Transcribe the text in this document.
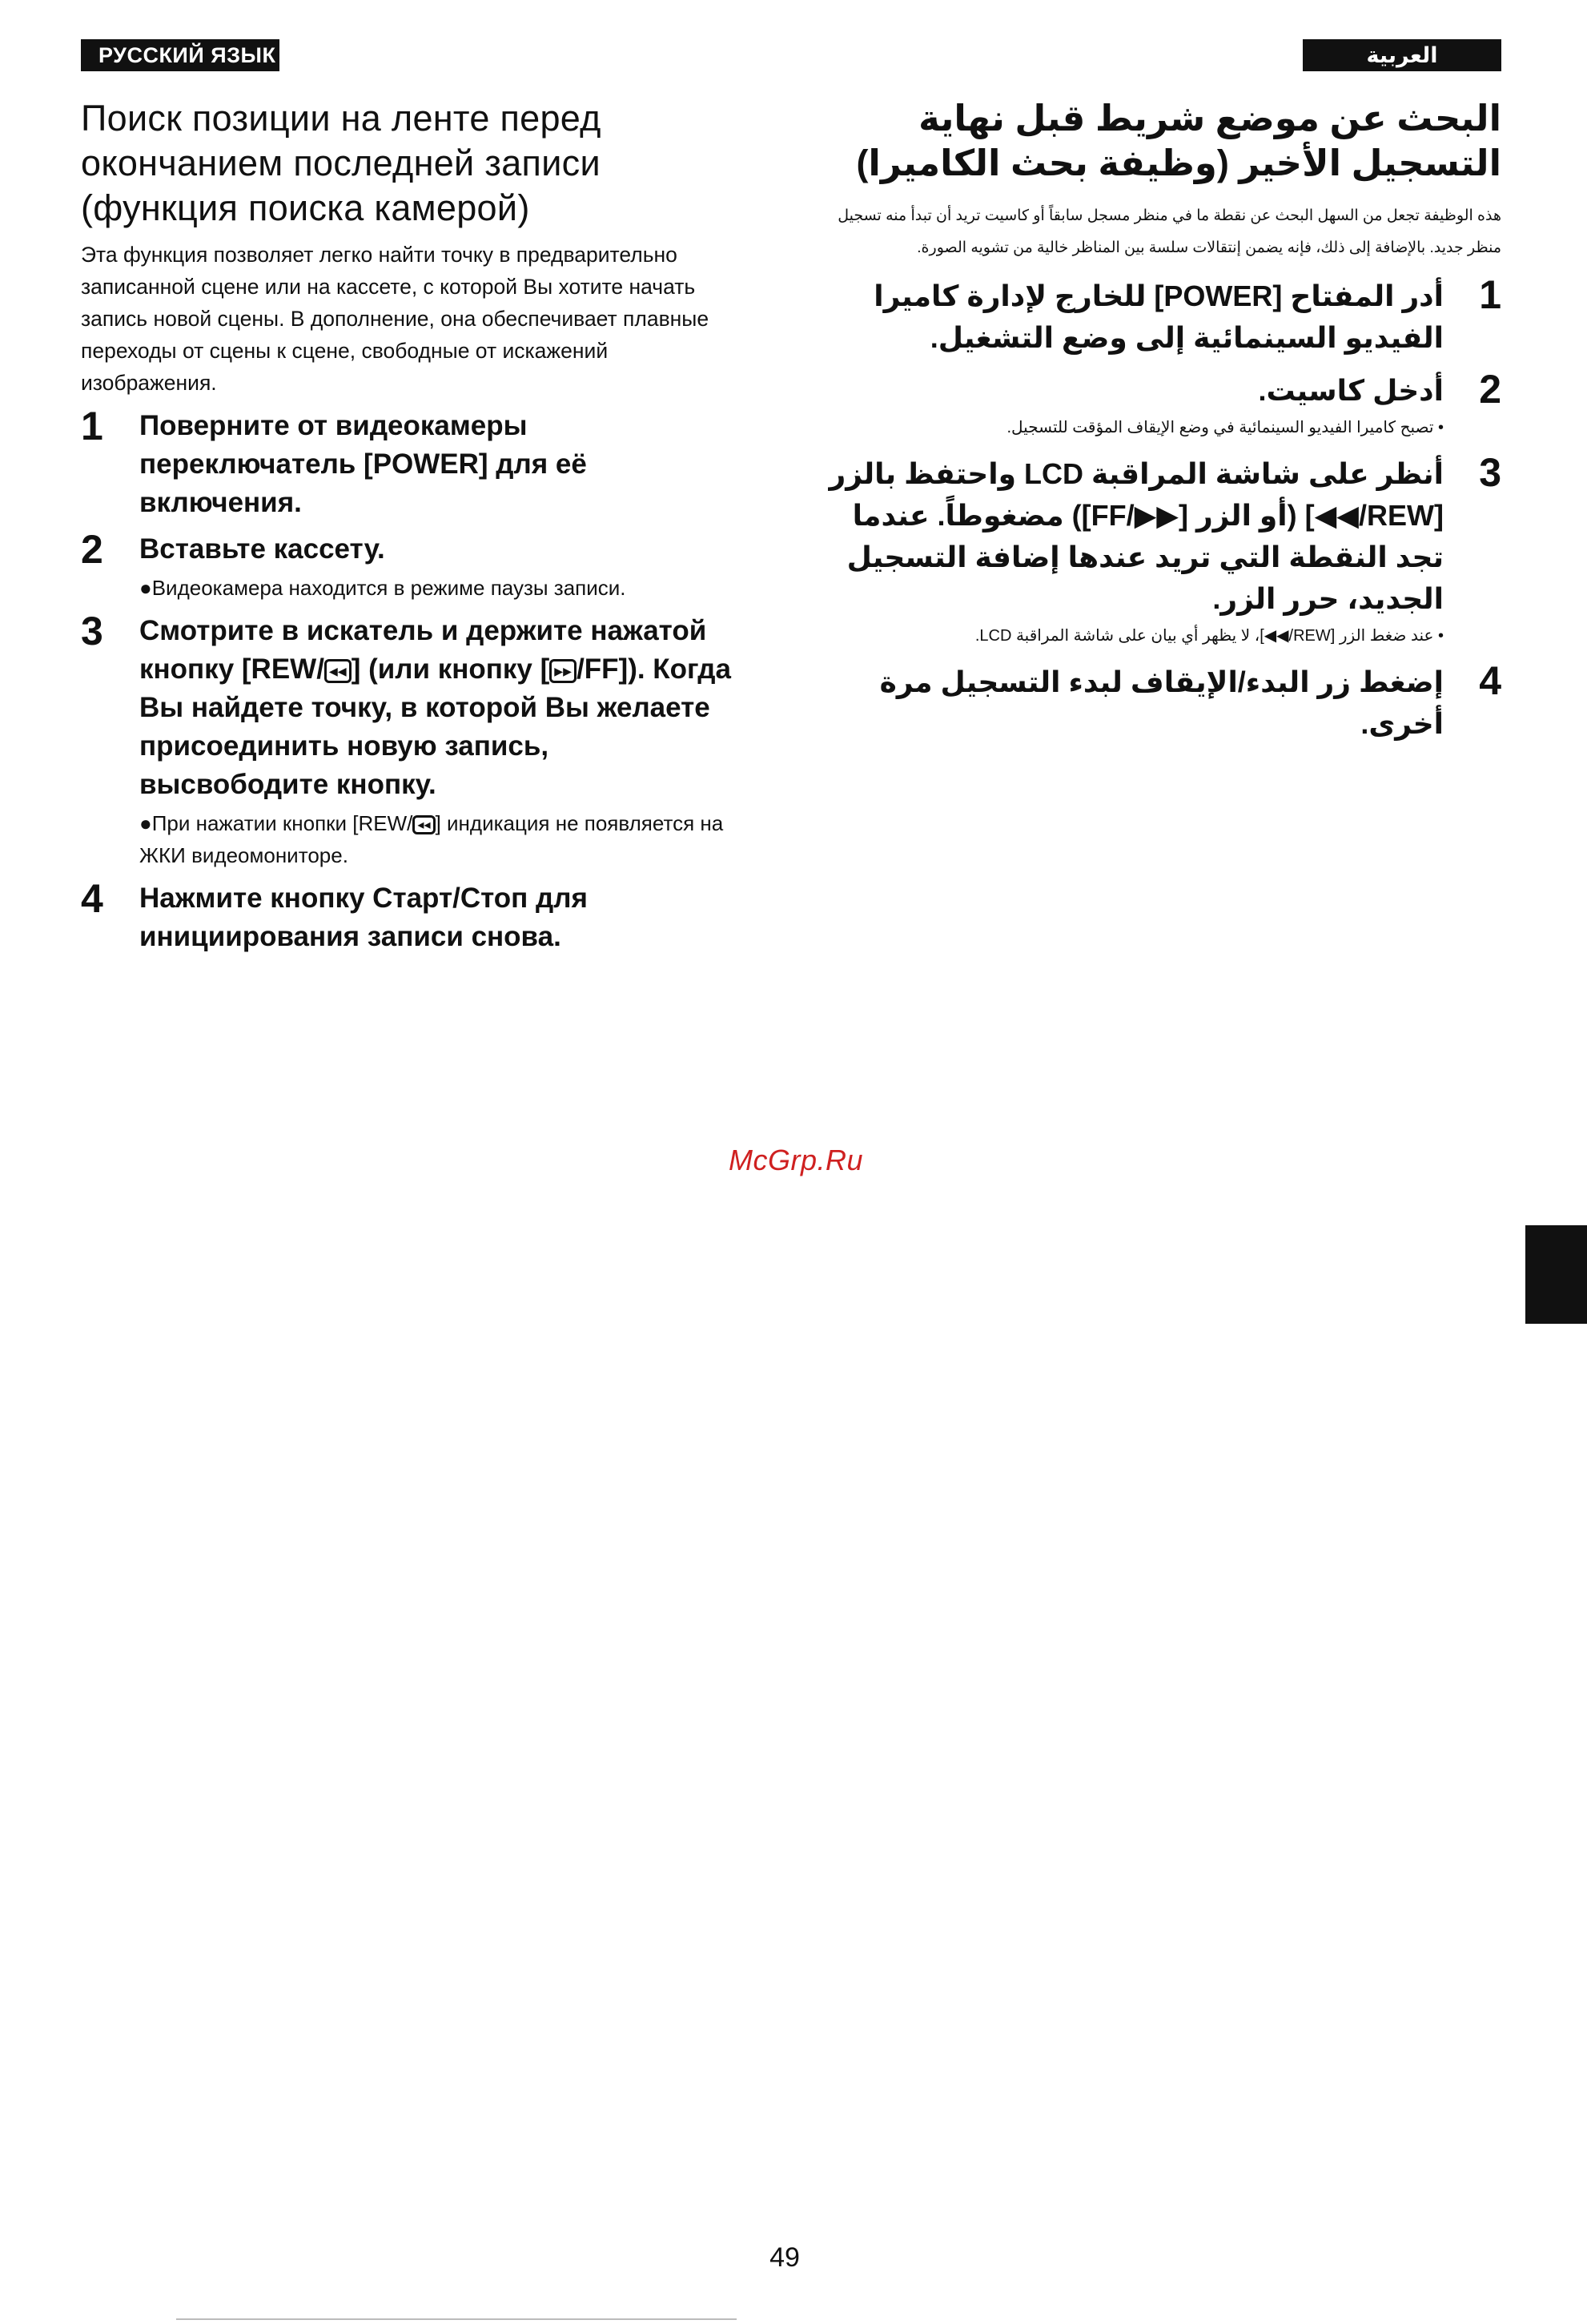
РУССКИЙ ЯЗЫК	العربية
Поиск позиции на ленте перед окончанием последней записи (функция поиска камерой)

Эта функция позволяет легко найти точку в предварительно записанной сцене или на кассете, с которой Вы хотите начать запись новой сцены. В дополнение, она обеспечивает плавные переходы от сцены к сцене, свободные от искажений изображения.

1 Поверните от видеокамеры переключатель [POWER] для её включения.
2 Вставьте кассету.
●Видеокамера находится в режиме паузы записи.
3 Смотрите в искатель и держите нажатой кнопку [REW/ ◂◂ ] (или кнопку [ ▸▸ /FF]). Когда Вы найдете точку, в которой Вы желаете присоединить новую запись, высвободите кнопку.
●При нажатии кнопки [REW/ ◂◂ ] индикация не появляется на ЖКИ видеомониторе.
4 Нажмите кнопку Старт/Стоп для инициирования записи снова.
البحث عن موضع شريط قبل نهاية التسجيل الأخير (وظيفة بحث الكاميرا)

هذه الوظيفة تجعل من السهل البحث عن نقطة ما في منظر مسجل سابقاً أو كاسيت تريد أن تبدأ منه تسجيل منظر جديد. بالإضافة إلى ذلك، فإنه يضمن إنتقالات سلسة بين المناظر خالية من تشويه الصورة.

1
أدر المفتاح [POWER] للخارج لإدارة كاميرا الفيديو السينمائية إلى وضع التشغيل.
2
أدخل كاسيت.
• تصبح كاميرا الفيديو السينمائية في وضع الإيقاف المؤقت للتسجيل.
3
أنظر على شاشة المراقبة LCD واحتفظ بالزر [REW/◀◀] (أو الزر [▶▶/FF]) مضغوطاً. عندما تجد النقطة التي تريد عندها إضافة التسجيل الجديد، حرر الزر.
• عند ضغط الزر [REW/◀◀]، لا يظهر أي بيان على شاشة المراقبة LCD.
4
إضغط زر البدء/الإيقاف لبدء التسجيل مرة أخرى.
McGrp.Ru
49
